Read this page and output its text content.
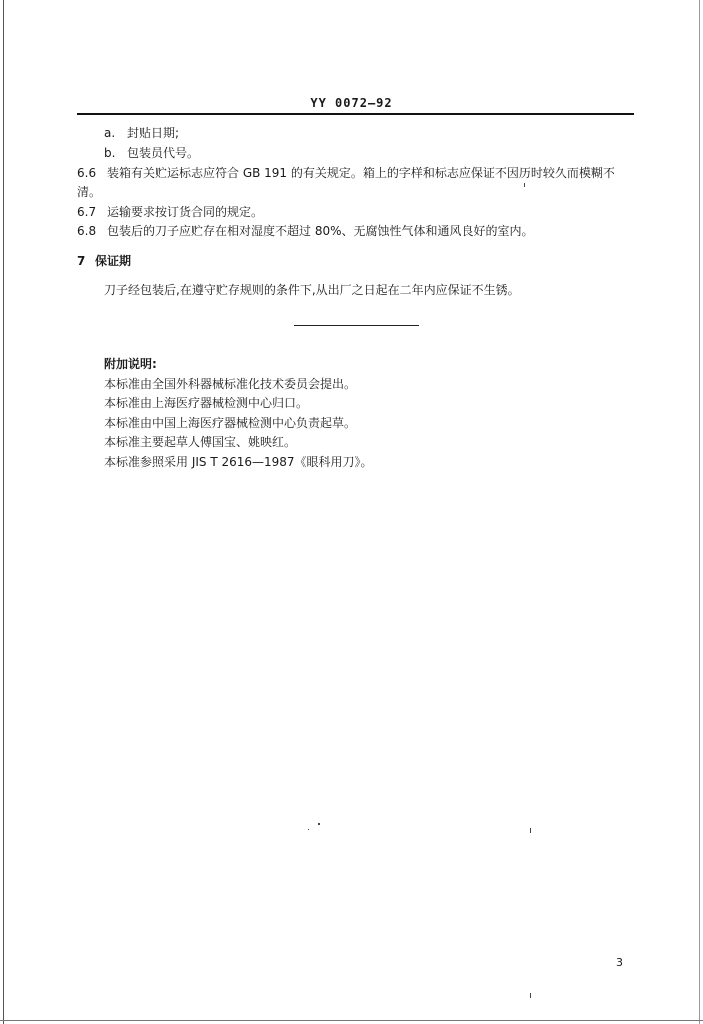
YY 0072—92
a. 封贴日期;
b. 包装员代号。
6.6 装箱有关贮运标志应符合 GB 191 的有关规定。箱上的字样和标志应保证不因历时较久而模糊不
清。
6.7 运输要求按订货合同的规定。
6.8 包装后的刀子应贮存在相对湿度不超过 80%、无腐蚀性气体和通风良好的室内。
7 保证期
刀子经包装后,在遵守贮存规则的条件下,从出厂之日起在二年内应保证不生锈。
附加说明:
本标准由全国外科器械标准化技术委员会提出。
本标准由上海医疗器械检测中心归口。
本标准由中国上海医疗器械检测中心负责起草。
本标准主要起草人傅国宝、姚映红。
本标准参照采用 JIS T 2616—1987《眼科用刀》。
3
